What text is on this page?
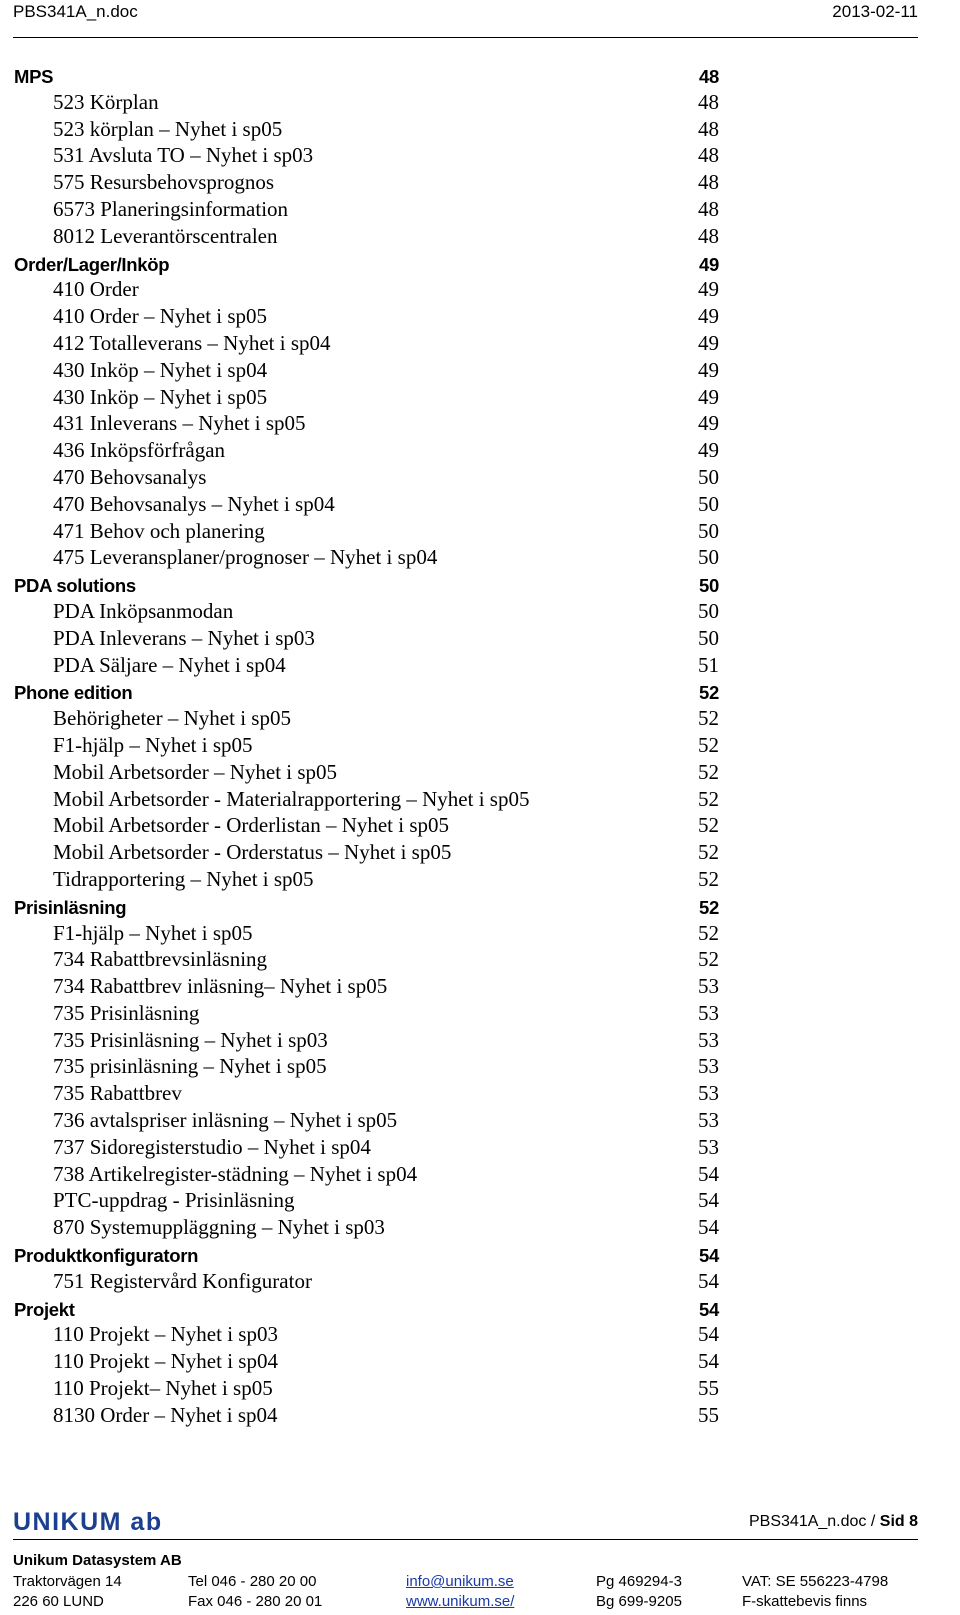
PBS341A_n.doc	2013-02-11
MPS	48
523 Körplan	48
523 körplan – Nyhet i sp05	48
531 Avsluta TO – Nyhet i sp03	48
575 Resursbehovsprognos	48
6573 Planeringsinformation	48
8012 Leverantörscentralen	48
Order/Lager/Inköp	49
410 Order	49
410 Order – Nyhet i sp05	49
412 Totalleverans – Nyhet i sp04	49
430 Inköp – Nyhet i sp04	49
430 Inköp – Nyhet i sp05	49
431 Inleverans – Nyhet i sp05	49
436 Inköpsförfrågan	49
470 Behovsanalys	50
470 Behovsanalys – Nyhet i sp04	50
471 Behov och planering	50
475 Leveransplaner/prognoser – Nyhet i sp04	50
PDA solutions	50
PDA Inköpsanmodan	50
PDA Inleverans – Nyhet i sp03	50
PDA Säljare – Nyhet i sp04	51
Phone edition	52
Behörigheter – Nyhet i sp05	52
F1-hjälp – Nyhet i sp05	52
Mobil Arbetsorder – Nyhet i sp05	52
Mobil Arbetsorder - Materialrapportering – Nyhet i sp05	52
Mobil Arbetsorder - Orderlistan – Nyhet i sp05	52
Mobil Arbetsorder - Orderstatus – Nyhet i sp05	52
Tidrapportering – Nyhet i sp05	52
Prisinläsning	52
F1-hjälp – Nyhet i sp05	52
734 Rabattbrevsinläsning	52
734 Rabattbrev inläsning– Nyhet i sp05	53
735 Prisinläsning	53
735 Prisinläsning – Nyhet i sp03	53
735 prisinläsning – Nyhet i sp05	53
735 Rabattbrev	53
736 avtalspriser inläsning – Nyhet i sp05	53
737 Sidoregisterstudio – Nyhet i sp04	53
738 Artikelregister-städning – Nyhet i sp04	54
PTC-uppdrag - Prisinläsning	54
870 Systemuppläggning – Nyhet i sp03	54
Produktkonfiguratorn	54
751 Registervård Konfigurator	54
Projekt	54
110 Projekt – Nyhet i sp03	54
110 Projekt – Nyhet i sp04	54
110 Projekt– Nyhet i sp05	55
8130 Order – Nyhet i sp04	55
UNIKUM ab	PBS341A_n.doc / Sid 8
Unikum Datasystem AB
Traktorvägen 14
226 60 LUND
Tel 046 - 280 20 00
Fax 046 - 280 20 01
info@unikum.se
www.unikum.se/
Pg 469294-3
Bg 699-9205
VAT: SE 556223-4798
F-skattebevis finns
